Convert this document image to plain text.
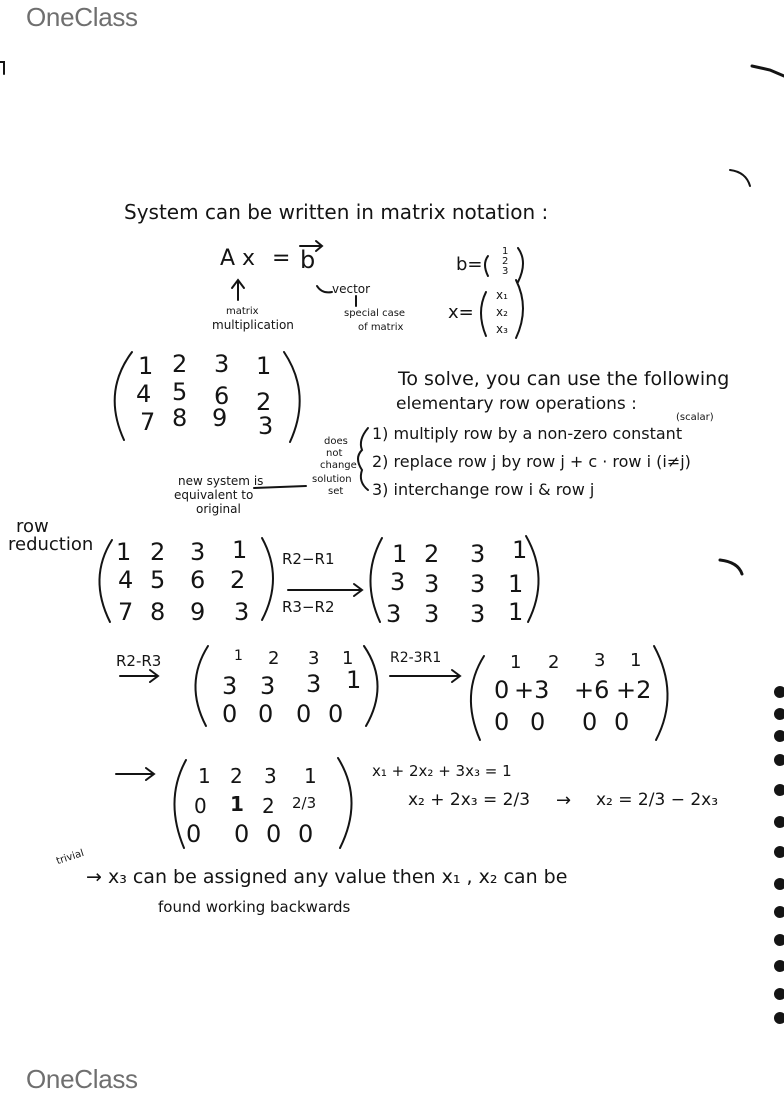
OneClass
OneClass
System can be written in matrix notation :
A x = b
vector
special case
of matrix
matrix
multiplication
b=
1
2
3
x=
x₁
x₂
x₃
1 2 3 1
4 5 6 2
7 8 9 3
To solve, you can use the following
elementary row operations :
(scalar)
1) multiply row by a non-zero constant
2) replace row j by row j + c · row i (i≠j)
3) interchange row i & row j
does
not
change
solution
set
new system is
equivalent to
original
row
reduction 1 2 3 1
4 5 6 2
7 8 9 3
R2−R1
R3−R2
1 2 3 1
3 3 3 1
3 3 3 1
R2-R3	1 2 3 1
3 3 3 1
0 0 0 0
R2-3R1	1 2 3 1
0 +3 +6 +2
0 0 0 0
1 2 3 1
0 1 2 2/3
0 0 0 0
x₁ + 2x₂ + 3x₃ = 1
x₂ + 2x₃ = 2/3 → x₂ = 2/3 − 2x₃
trivial
→ x₃ can be assigned any value then x₁ , x₂ can be
found working backwards
